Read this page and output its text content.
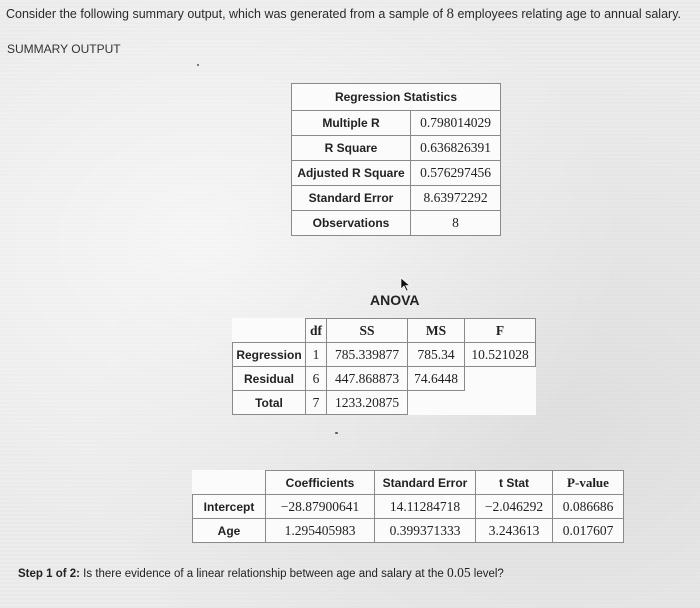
Consider the following summary output, which was generated from a sample of 8 employees relating age to annual salary.
SUMMARY OUTPUT
Regression Statistics	
Multiple R	0.798014029
R Square	0.636826391
Adjusted R Square	0.576297456
Standard Error	8.63972292
Observations	8
ANOVA
	df	SS	MS	F
Regression	1	785.339877	785.34	10.521028
Residual	6	447.868873	74.6448	
Total	7	1233.20875		
	Coefficients	Standard Error	t Stat	P-value
Intercept	−28.87900641	14.11284718	−2.046292	0.086686
Age	1.295405983	0.399371333	3.243613	0.017607
Step 1 of 2: Is there evidence of a linear relationship between age and salary at the 0.05 level?
